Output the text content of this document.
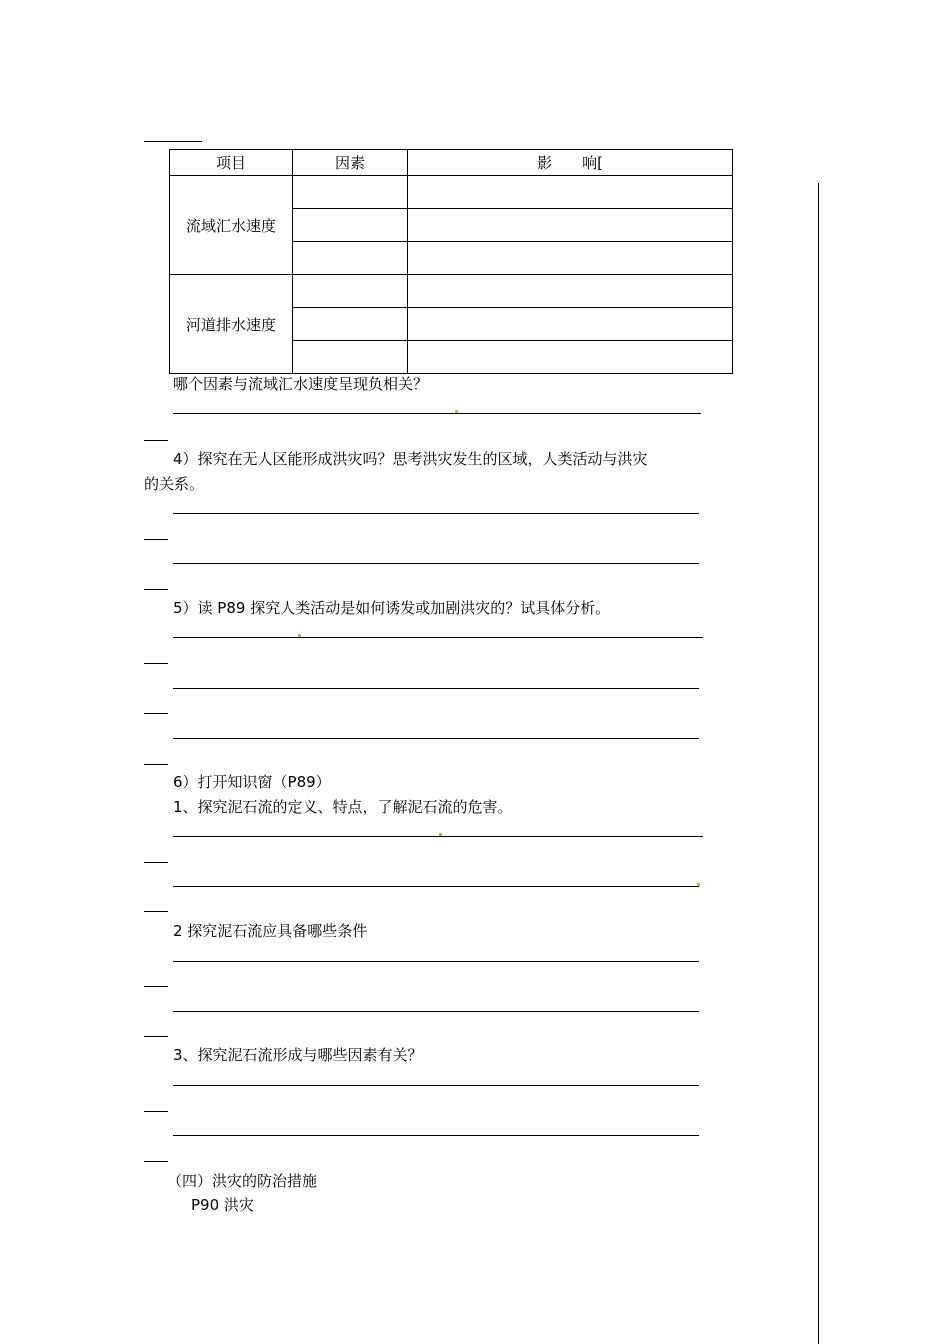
项目	因素	影　　响[
流域汇水速度		

河道排水速度		

哪个因素与流域汇水速度呈现负相关？
4）探究在无人区能形成洪灾吗？思考洪灾发生的区域，人类活动与洪灾
的关系。
5）读 P89 探究人类活动是如何诱发或加剧洪灾的？试具体分析。
6）打开知识窗（P89）
1、探究泥石流的定义、特点，了解泥石流的危害。
2 探究泥石流应具备哪些条件
3、探究泥石流形成与哪些因素有关？
（四）洪灾的防治措施
P90 洪灾
